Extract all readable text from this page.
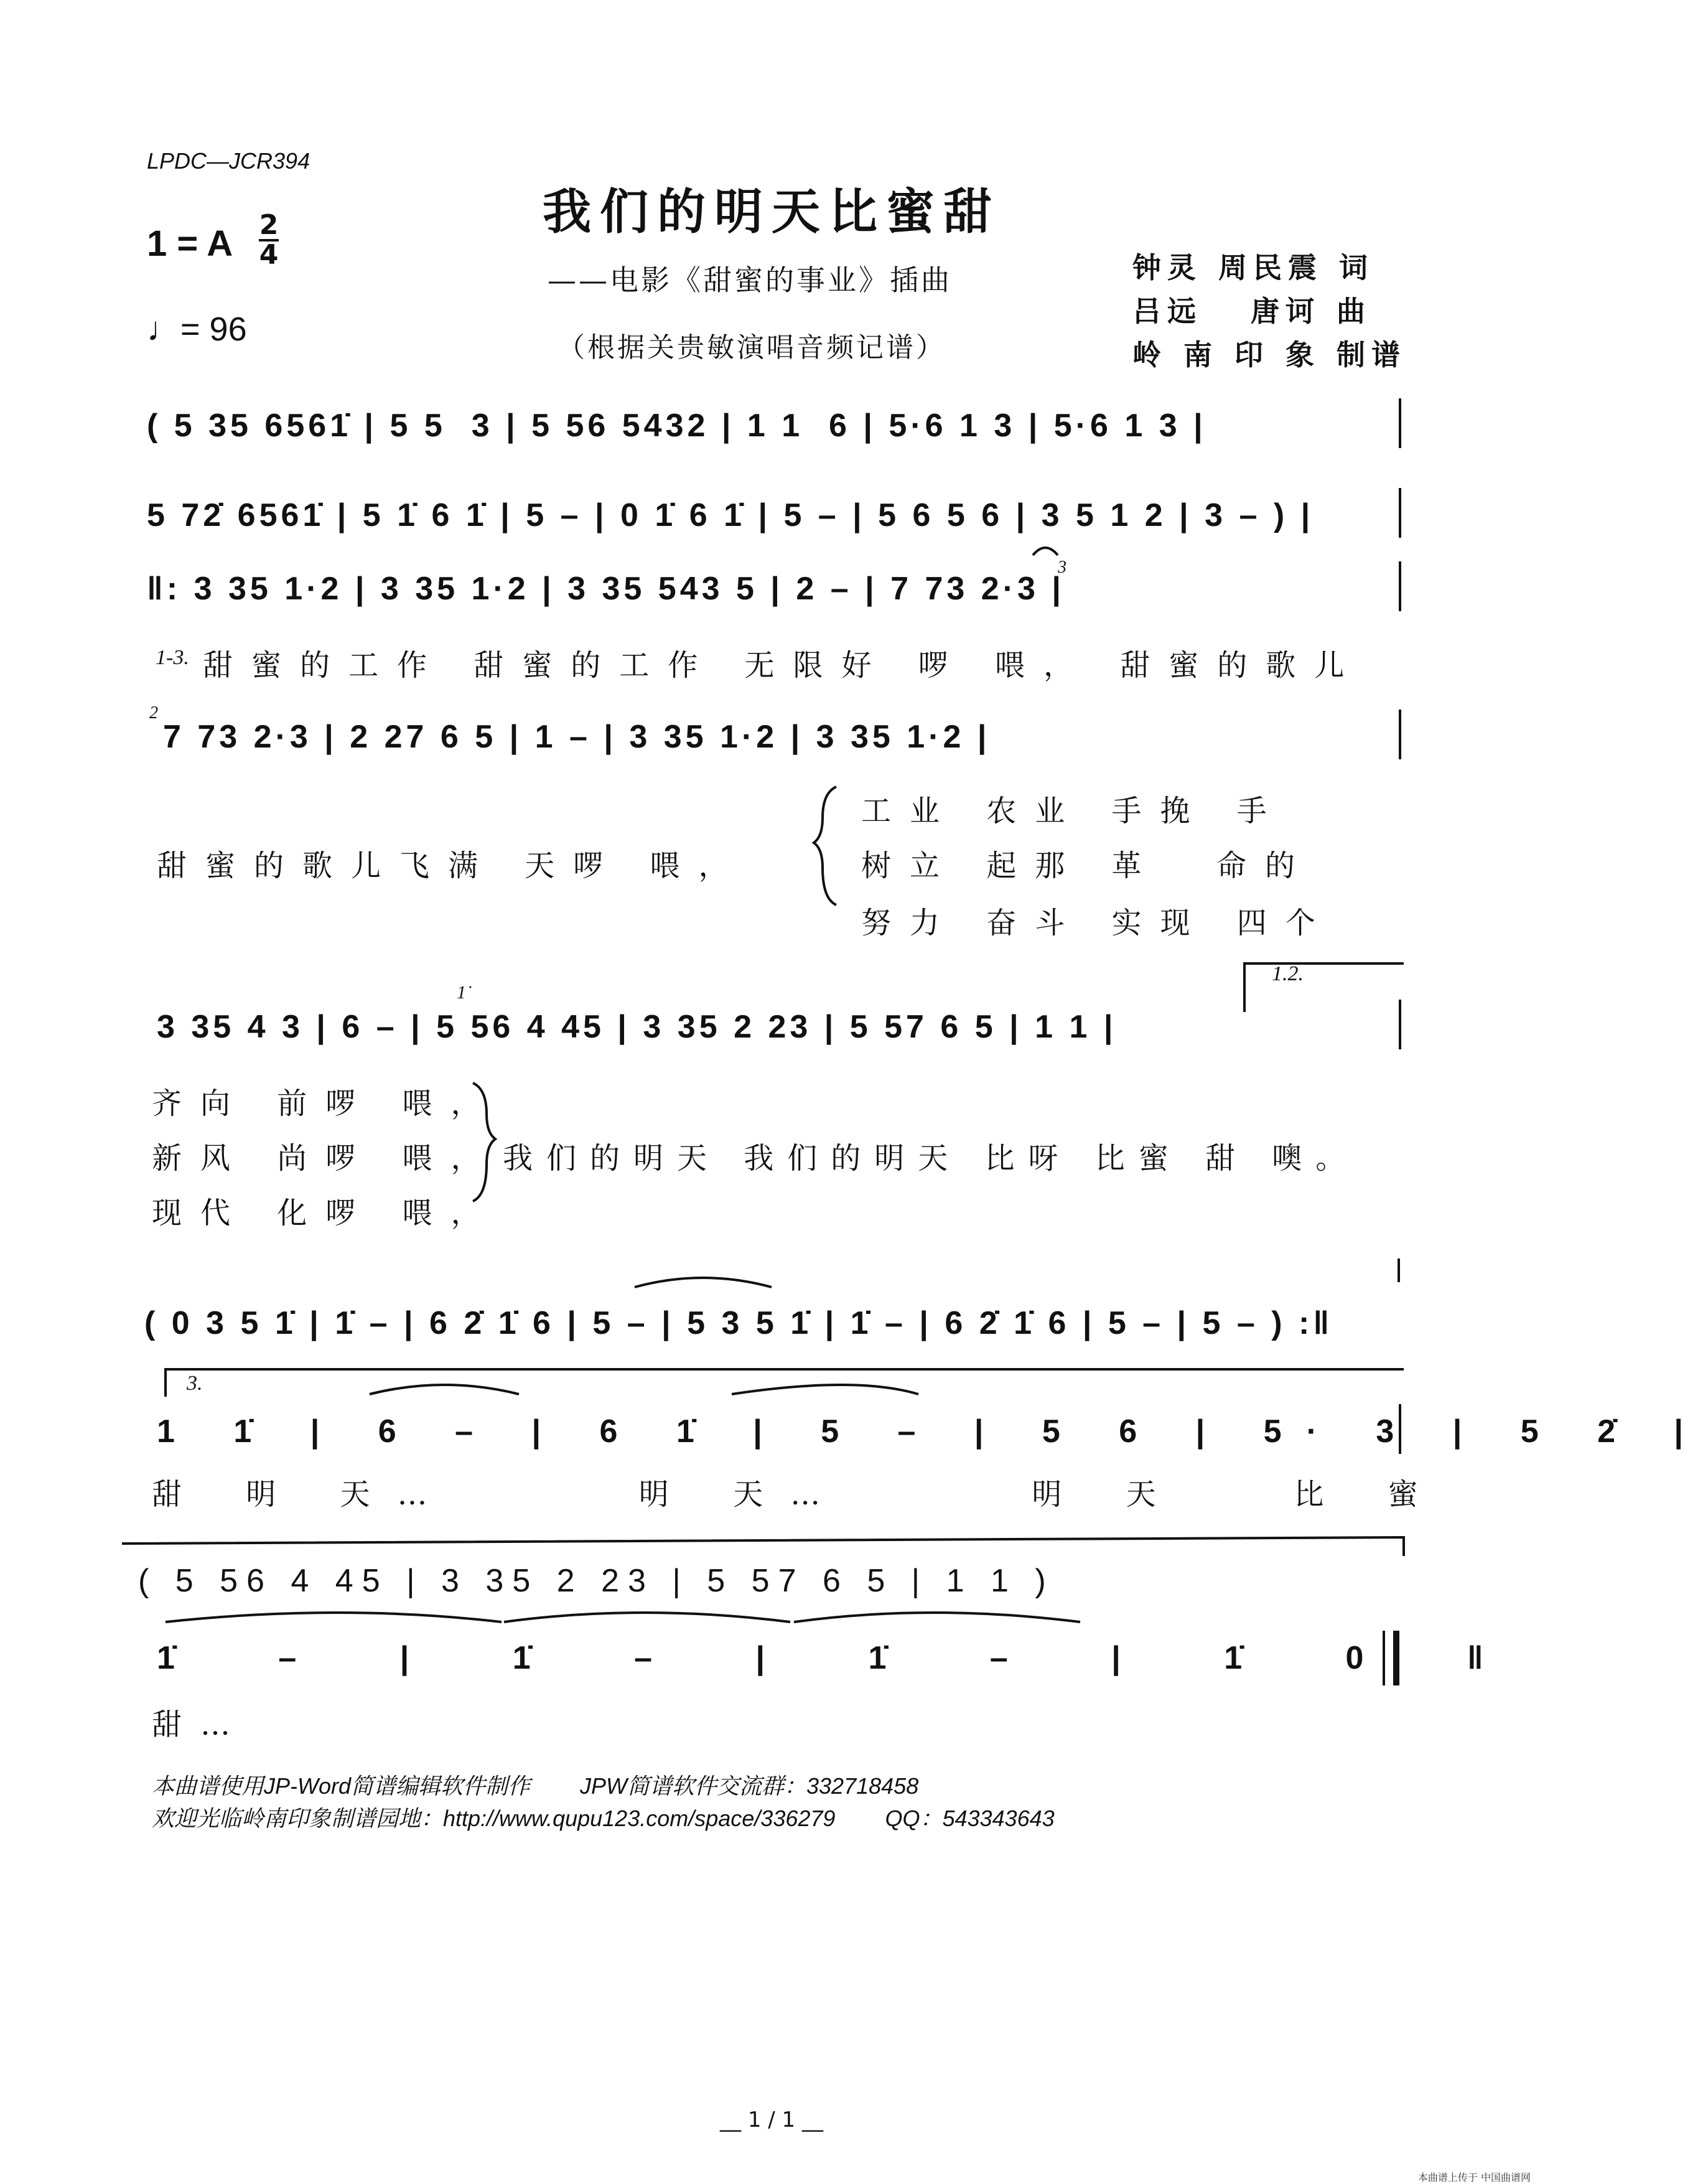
LPDC—JCR394
我们的明天比蜜甜
——电影《甜蜜的事业》插曲
（根据关贵敏演唱音频记谱）
1 = A 2
4
♩= 96
钟灵 周民震 词
吕远   唐诃 曲
岭 南 印 象 制谱
( 5 35 6561̇ | 5 5  3 | 5 56 5432 | 1 1  6 | 5·6 1 3 | 5·6 1 3 |
5 72̇ 6561̇ | 5 1̇ 6 1̇ | 5 – | 0 1̇ 6 1̇ | 5 – | 5 6 5 6 | 3 5 1 2 | 3 – ) |
‖: 3 35 1·2 | 3 35 1·2 | 3 35 543 5 | 2 – | 7 73 2·3 |
1-3. 甜蜜的工作 甜蜜的工作 无限好 啰 喂， 甜蜜的歌儿
2
3
7 73 2·3 | 2 27 6 5 | 1 – | 3 35 1·2 | 3 35 1·2 |
甜蜜的歌儿飞满 天啰 喂，
工业 农业 手挽 手
树立 起那 革  命的
努力 奋斗 实现 四个
1.2.
1̇
3 35 4 3 | 6 – | 5 56 4 45 | 3 35 2 23 | 5 57 6 5 | 1 1 |
齐向 前啰 喂，
新风 尚啰 喂，
现代 化啰 喂，
我们的明天 我们的明天 比呀 比蜜 甜 噢。
( 0 3 5 1̇ | 1̇ – | 6 2̇ 1̇ 6 | 5 – | 5 3 5 1̇ | 1̇ – | 6 2̇ 1̇ 6 | 5 – | 5 – ) :‖
3.
1 1̇ | 6 – | 6 1̇ | 5 – | 5 6 | 5· 3 | 5 2̇ |
甜 明 天…     明 天…     明 天   比 蜜
( 5 56 4 45 | 3 35 2 23 | 5 57 6 5 | 1 1 )
1̇ – | 1̇ – | 1̇ – | 1̇ 0 ‖
甜…
本曲谱使用JP-Word简谱编辑软件制作        JPW简谱软件交流群：332718458
欢迎光临岭南印象制谱园地：http://www.qupu123.com/space/336279        QQ：543343643
__ 1 / 1 __
本曲谱上传于 中国曲谱网
